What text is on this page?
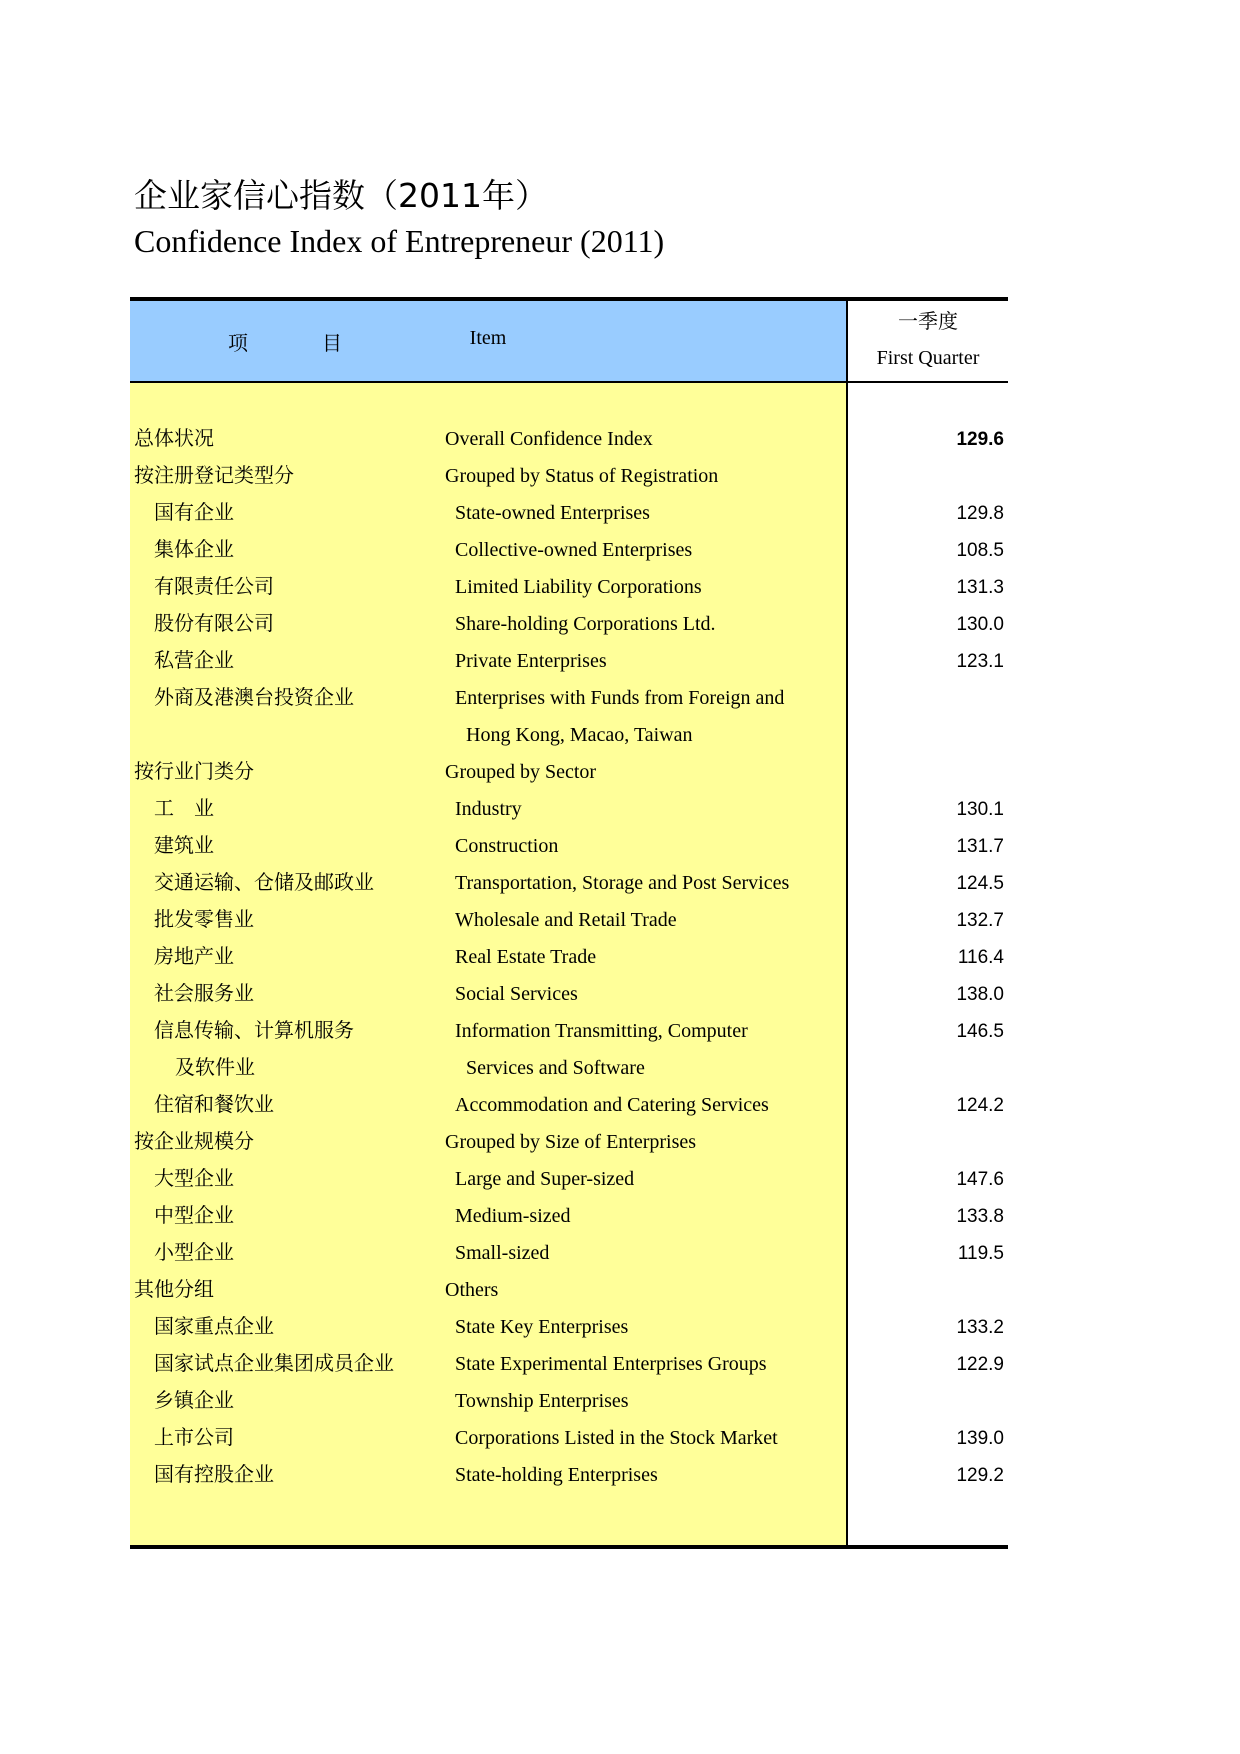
企业家信心指数（2011年）
Confidence Index of Entrepreneur (2011)
项	目	Item
一季度
First Quarter
总体状况	Overall Confidence Index	129.6
按注册登记类型分	Grouped by Status of Registration
国有企业	State-owned Enterprises	129.8
集体企业	Collective-owned Enterprises	108.5
有限责任公司	Limited Liability Corporations	131.3
股份有限公司	Share-holding Corporations Ltd.	130.0
私营企业	Private Enterprises	123.1
外商及港澳台投资企业	Enterprises with Funds from Foreign and
Hong Kong, Macao, Taiwan
按行业门类分	Grouped by Sector
工　业	Industry	130.1
建筑业	Construction	131.7
交通运输、仓储及邮政业	Transportation, Storage and Post Services	124.5
批发零售业	Wholesale and Retail Trade	132.7
房地产业	Real Estate Trade	116.4
社会服务业	Social Services	138.0
信息传输、计算机服务	Information Transmitting, Computer	146.5
及软件业	Services and Software
住宿和餐饮业	Accommodation and Catering Services	124.2
按企业规模分	Grouped by Size of Enterprises
大型企业	Large and Super-sized	147.6
中型企业	Medium-sized	133.8
小型企业	Small-sized	119.5
其他分组	Others
国家重点企业	State Key Enterprises	133.2
国家试点企业集团成员企业	State Experimental Enterprises Groups	122.9
乡镇企业	Township Enterprises
上市公司	Corporations Listed in the Stock Market	139.0
国有控股企业	State-holding Enterprises	129.2
